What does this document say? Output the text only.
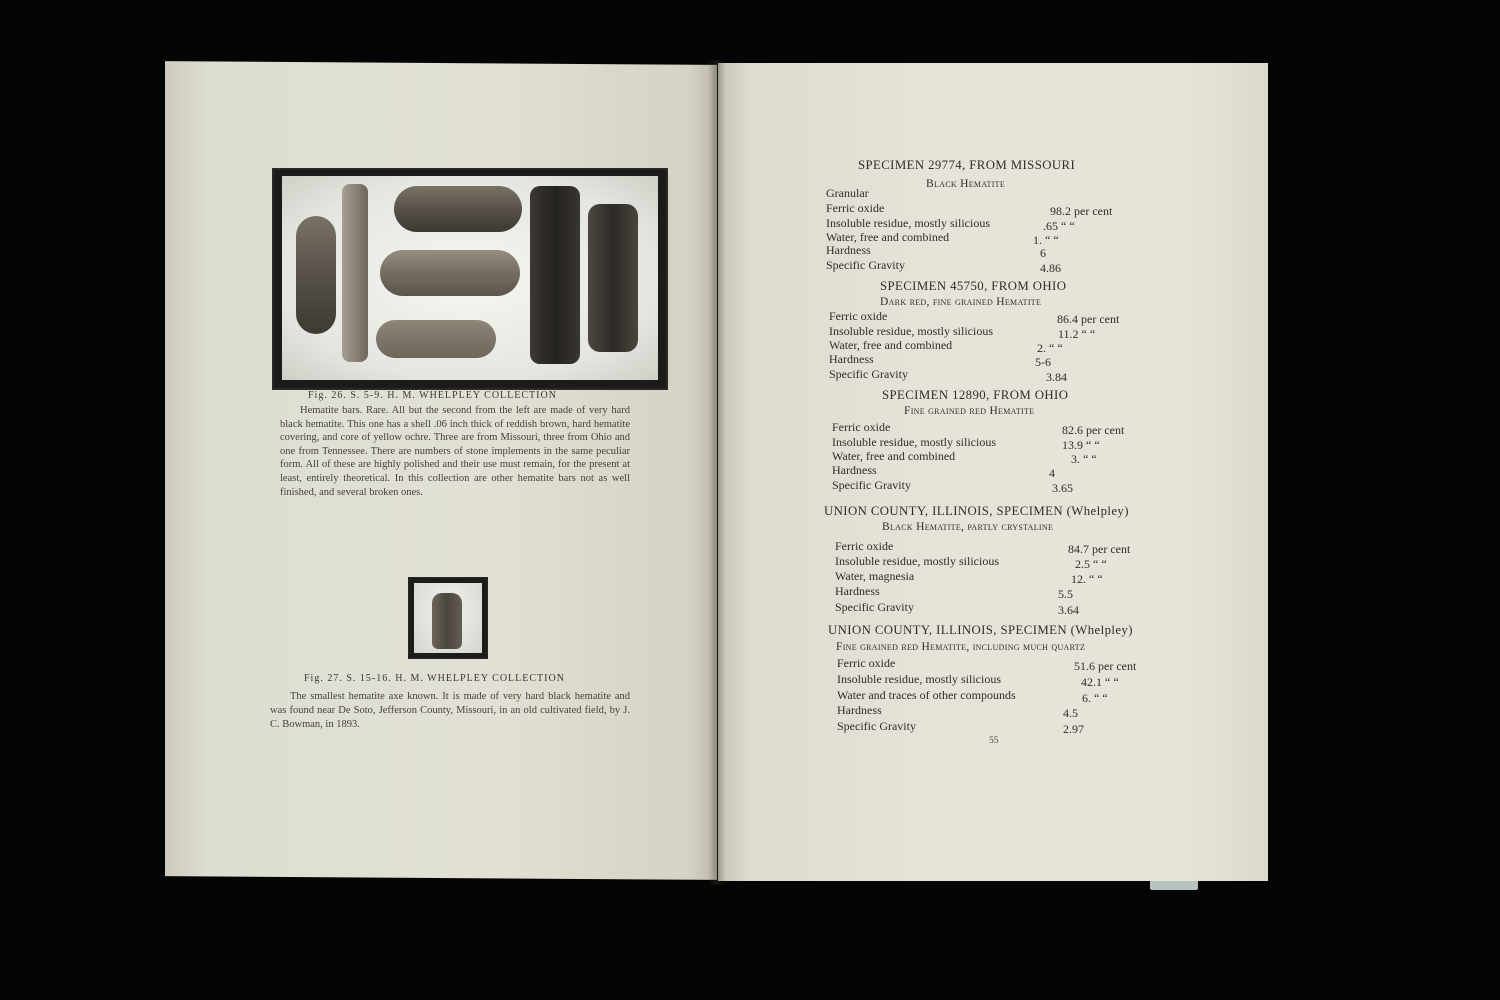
Fig. 26. S. 5-9. H. M. WHELPLEY COLLECTION
Hematite bars. Rare. All but the second from the left are made of very hard black hematite. This one has a shell .06 inch thick of reddish brown, hard hematite covering, and core of yellow ochre. Three are from Missouri, three from Ohio and one from Tennessee. There are numbers of stone implements in the same peculiar form. All of these are highly polished and their use must remain, for the present at least, entirely theoretical. In this collection are other hematite bars not as well finished, and several broken ones.
Fig. 27. S. 15-16. H. M. WHELPLEY COLLECTION
The smallest hematite axe known. It is made of very hard black hematite and was found near De Soto, Jefferson County, Missouri, in an old cultivated field, by J. C. Bowman, in 1893.
SPECIMEN 29774, FROM MISSOURI
Black Hematite
Granular
Ferric oxide	98.2 per cent
Insoluble residue, mostly silicious	.65 “ “
Water, free and combined	1. “ “
Hardness	6
Specific Gravity	4.86
SPECIMEN 45750, FROM OHIO
Dark red, fine grained Hematite
Ferric oxide	86.4 per cent
Insoluble residue, mostly silicious	11.2 “ “
Water, free and combined	2. “ “
Hardness	5-6
Specific Gravity	3.84
SPECIMEN 12890, FROM OHIO
Fine grained red Hematite
Ferric oxide	82.6 per cent
Insoluble residue, mostly silicious	13.9 “ “
Water, free and combined	3. “ “
Hardness	4
Specific Gravity	3.65
UNION COUNTY, ILLINOIS, SPECIMEN (Whelpley)
Black Hematite, partly crystaline
Ferric oxide	84.7 per cent
Insoluble residue, mostly silicious	2.5 “ “
Water, magnesia	12. “ “
Hardness	5.5
Specific Gravity	3.64
UNION COUNTY, ILLINOIS, SPECIMEN (Whelpley)
Fine grained red Hematite, including much quartz
Ferric oxide	51.6 per cent
Insoluble residue, mostly silicious	42.1 “ “
Water and traces of other compounds	6. “ “
Hardness	4.5
Specific Gravity	2.97
55
